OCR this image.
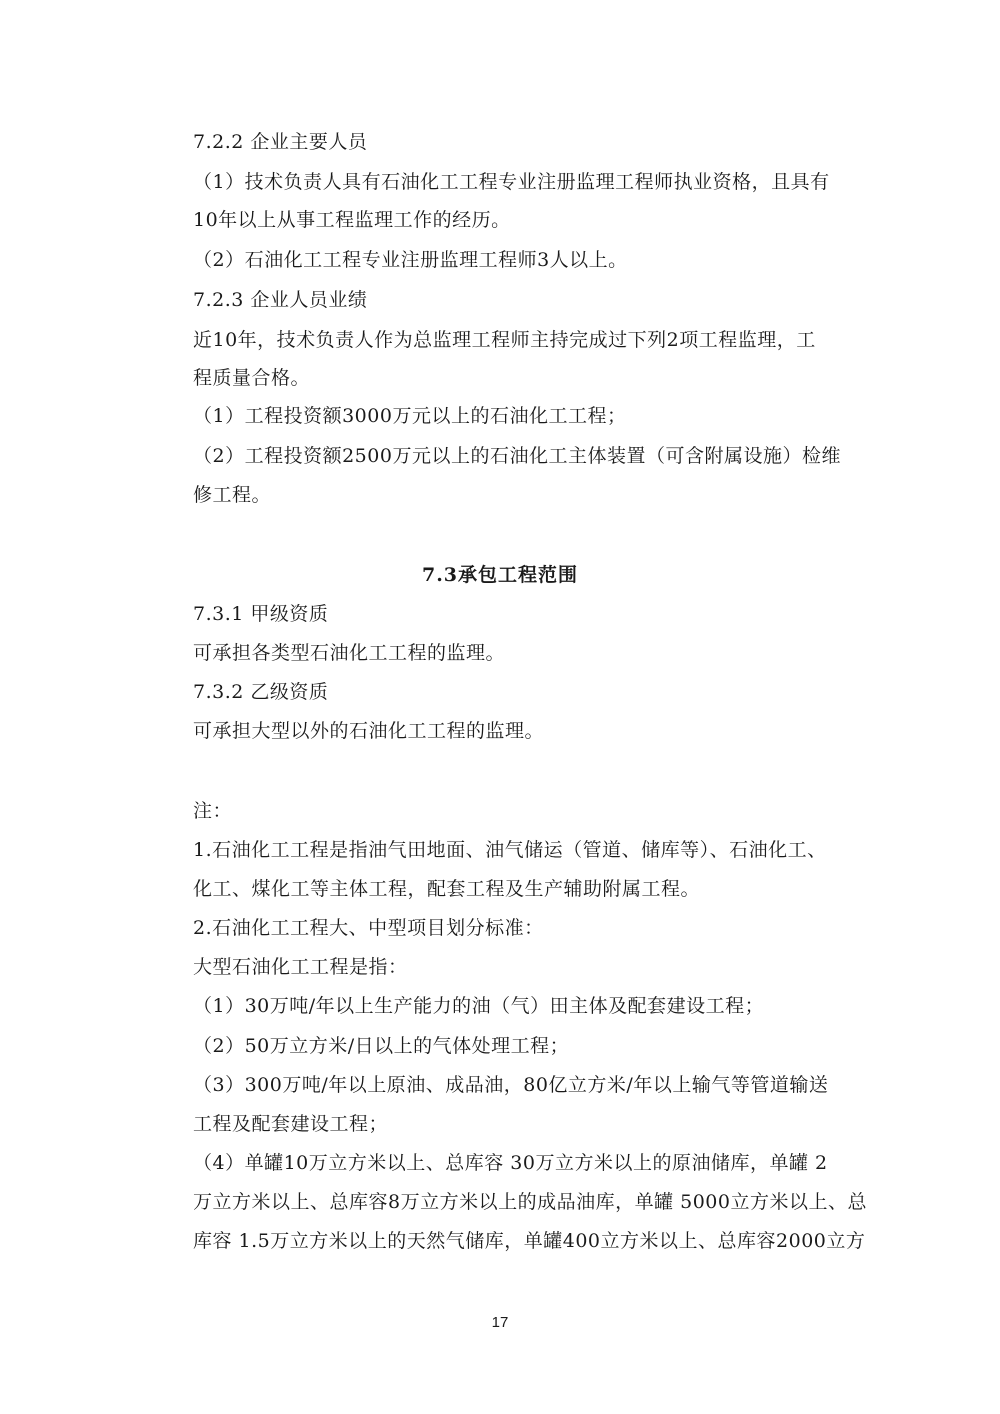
7.2.2 企业主要人员
（1）技术负责人具有石油化工工程专业注册监理工程师执业资格，且具有
10年以上从事工程监理工作的经历。
（2）石油化工工程专业注册监理工程师3人以上。
7.2.3 企业人员业绩
近10年，技术负责人作为总监理工程师主持完成过下列2项工程监理，工
程质量合格。
（1）工程投资额3000万元以上的石油化工工程；
（2）工程投资额2500万元以上的石油化工主体装置（可含附属设施）检维
修工程。
7.3承包工程范围
7.3.1 甲级资质
可承担各类型石油化工工程的监理。
7.3.2 乙级资质
可承担大型以外的石油化工工程的监理。
注：
1.石油化工工程是指油气田地面、油气储运（管道、储库等）、石油化工、
化工、煤化工等主体工程，配套工程及生产辅助附属工程。
2.石油化工工程大、中型项目划分标准：
大型石油化工工程是指：
（1）30万吨/年以上生产能力的油（气）田主体及配套建设工程；
（2）50万立方米/日以上的气体处理工程；
（3）300万吨/年以上原油、成品油，80亿立方米/年以上输气等管道输送
工程及配套建设工程；
（4）单罐10万立方米以上、总库容 30万立方米以上的原油储库，单罐 2
万立方米以上、总库容8万立方米以上的成品油库，单罐 5000立方米以上、总
库容 1.5万立方米以上的天然气储库，单罐400立方米以上、总库容2000立方
17
